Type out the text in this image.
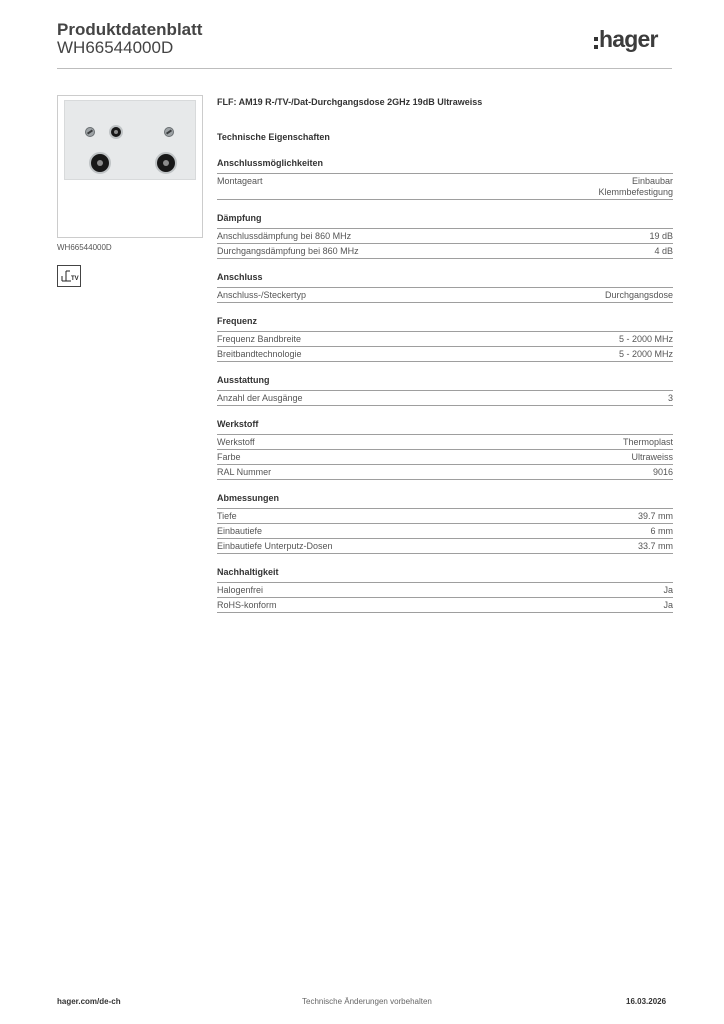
Produktdatenblatt
WH66544000D	hager
WH66544000D
TV
FLF: AM19 R-/TV-/Dat-Durchgangsdose 2GHz 19dB Ultraweiss
Technische Eigenschaften
Anschlussmöglichkeiten
Montageart	Einbaubar
Klemmbefestigung
Dämpfung
Anschlussdämpfung bei 860 MHz	19 dB
Durchgangsdämpfung bei 860 MHz	4 dB
Anschluss
Anschluss-/Steckertyp	Durchgangsdose
Frequenz
Frequenz Bandbreite	5 - 2000 MHz
Breitbandtechnologie	5 - 2000 MHz
Ausstattung
Anzahl der Ausgänge	3
Werkstoff
Werkstoff	Thermoplast
Farbe	Ultraweiss
RAL Nummer	9016
Abmessungen
Tiefe	39.7 mm
Einbautiefe	6 mm
Einbautiefe Unterputz-Dosen	33.7 mm
Nachhaltigkeit
Halogenfrei	Ja
RoHS-konform	Ja
hager.com/de-ch	Technische Änderungen vorbehalten	16.03.2026
